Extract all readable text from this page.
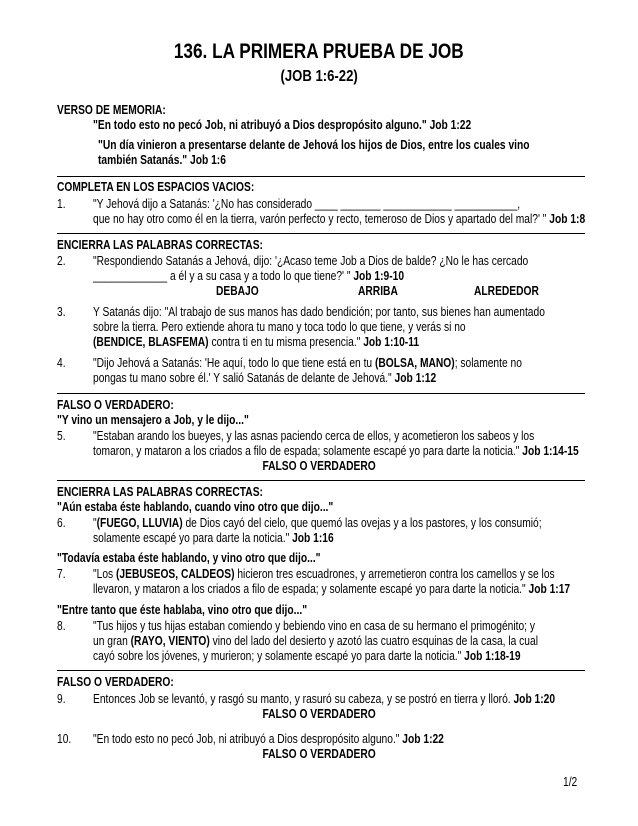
136. LA PRIMERA PRUEBA DE JOB
(JOB 1:6-22)
VERSO DE MEMORIA:
"En todo esto no pecó Job, ni atribuyó a Dios despropósito alguno." Job 1:22
"Un día vinieron a presentarse delante de Jehová los hijos de Dios, entre los cuales vino
también Satanás." Job 1:6
COMPLETA EN LOS ESPACIOS VACIOS:
1. "Y Jehová dijo a Satanás: '¿No has considerado ____ _______ ____________ ___________,
que no hay otro como él en la tierra, varón perfecto y recto, temeroso de Dios y apartado del mal?' " Job 1:8
ENCIERRA LAS PALABRAS CORRECTAS:
2. "Respondiendo Satanás a Jehová, dijo: '¿Acaso teme Job a Dios de balde? ¿No le has cercado
_____________ a él y a su casa y a todo lo que tiene?' " Job 1:9-10
DEBAJO	ARRIBA	ALREDEDOR
3. Y Satanás dijo: "Al trabajo de sus manos has dado bendición; por tanto, sus bienes han aumentado
sobre la tierra. Pero extiende ahora tu mano y toca todo lo que tiene, y verás si no
(BENDICE, BLASFEMA) contra ti en tu misma presencia." Job 1:10-11
4. "Dijo Jehová a Satanás: 'He aquí, todo lo que tiene está en tu (BOLSA, MANO); solamente no
pongas tu mano sobre él.' Y salió Satanás de delante de Jehová." Job 1:12
FALSO O VERDADERO:
"Y vino un mensajero a Job, y le dijo..."
5. "Estaban arando los bueyes, y las asnas paciendo cerca de ellos, y acometieron los sabeos y los
tomaron, y mataron a los criados a filo de espada; solamente escapé yo para darte la noticia." Job 1:14-15
FALSO O VERDADERO
ENCIERRA LAS PALABRAS CORRECTAS:
"Aún estaba éste hablando, cuando vino otro que dijo..."
6. "(FUEGO, LLUVIA) de Dios cayó del cielo, que quemó las ovejas y a los pastores, y los consumió;
solamente escapé yo para darte la noticia." Job 1:16
"Todavía estaba éste hablando, y vino otro que dijo..."
7. "Los (JEBUSEOS, CALDEOS) hicieron tres escuadrones, y arremetieron contra los camellos y se los
llevaron, y mataron a los criados a filo de espada; y solamente escapé yo para darte la noticia." Job 1:17
"Entre tanto que éste hablaba, vino otro que dijo..."
8. "Tus hijos y tus hijas estaban comiendo y bebiendo vino en casa de su hermano el primogénito; y
un gran (RAYO, VIENTO) vino del lado del desierto y azotó las cuatro esquinas de la casa, la cual
cayó sobre los jóvenes, y murieron; y solamente escapé yo para darte la noticia." Job 1:18-19
FALSO O VERDADERO:
9. Entonces Job se levantó, y rasgó su manto, y rasuró su cabeza, y se postró en tierra y lloró. Job 1:20
FALSO O VERDADERO
10. "En todo esto no pecó Job, ni atribuyó a Dios despropósito alguno." Job 1:22
FALSO O VERDADERO
1/2
